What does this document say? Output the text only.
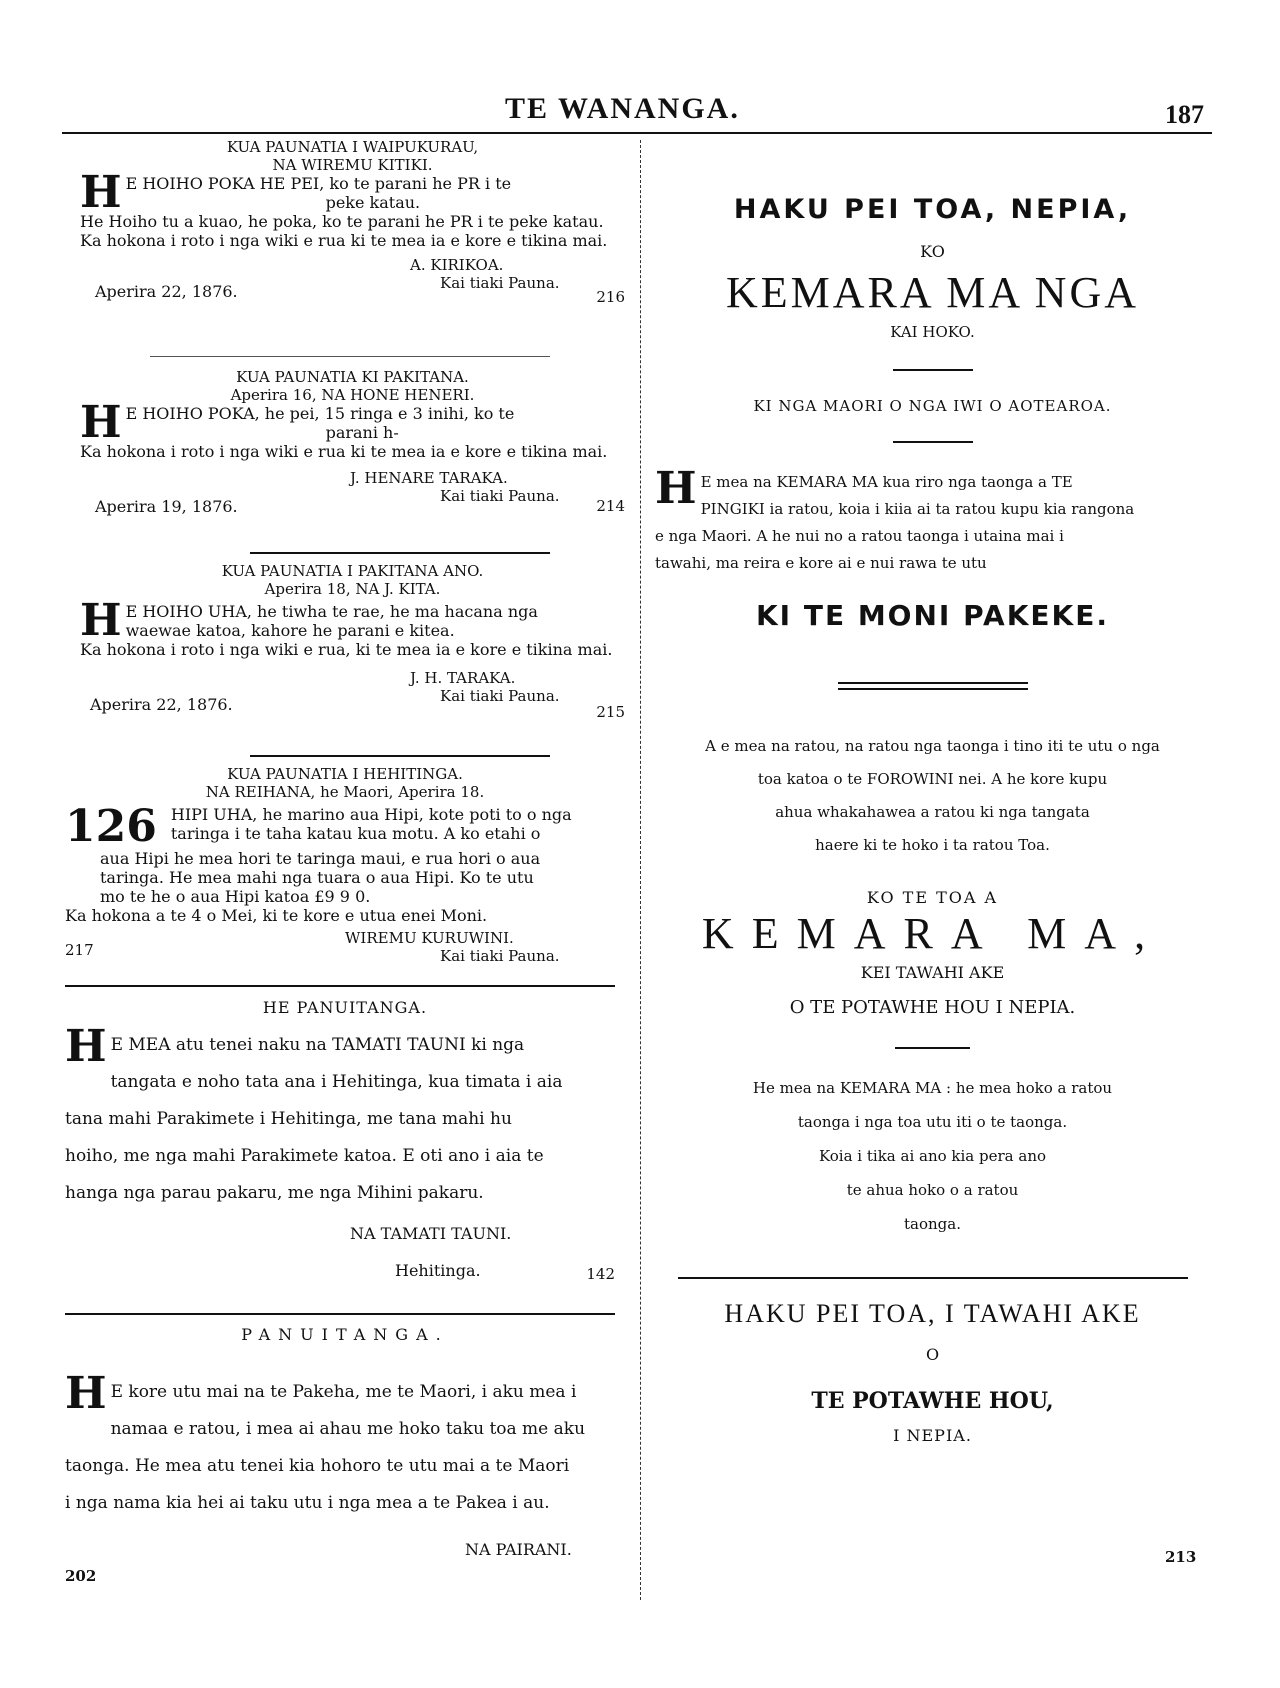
TE WANANGA.	187
KUA PAUNATIA I WAIPUKURAU,
NA WIREMU KITIKI.
H E HOIHO POKA HE PEI, ko te parani he PR i te
peke katau.
He Hoiho tu a kuao, he poka, ko te parani he PR i te peke katau.
Ka hokona i roto i nga wiki e rua ki te mea ia e kore e tikina mai.
A. KIRIKOA.
Kai tiaki Pauna.
Aperira 22, 1876.	216
KUA PAUNATIA KI PAKITANA.
Aperira 16, NA HONE HENERI.
H E HOIHO POKA, he pei, 15 ringa e 3 inihi, ko te
parani h-
Ka hokona i roto i nga wiki e rua ki te mea ia e kore e tikina mai.
J. HENARE TARAKA.
Kai tiaki Pauna.
Aperira 19, 1876.	214
KUA PAUNATIA I PAKITANA ANO.
Aperira 18, NA J. KITA.
H E HOIHO UHA, he tiwha te rae, he ma hacana nga
waewae katoa, kahore he parani e kitea.
Ka hokona i roto i nga wiki e rua, ki te mea ia e kore e tikina mai.
J. H. TARAKA.
Kai tiaki Pauna.
Aperira 22, 1876.	215
KUA PAUNATIA I HEHITINGA.
NA REIHANA, he Maori, Aperira 18.
126 HIPI UHA, he marino aua Hipi, kote poti to o nga
taringa i te taha katau kua motu. A ko etahi o
aua Hipi he mea hori te taringa maui, e rua hori o aua
taringa. He mea mahi nga tuara o aua Hipi. Ko te utu
mo te he o aua Hipi katoa £9 9 0.
Ka hokona a te 4 o Mei, ki te kore e utua enei Moni.
WIREMU KURUWINI.
217	Kai tiaki Pauna.
HE PANUITANGA.
H E MEA atu tenei naku na TAMATI TAUNI ki nga
tangata e noho tata ana i Hehitinga, kua timata i aia
tana mahi Parakimete i Hehitinga, me tana mahi hu
hoiho, me nga mahi Parakimete katoa. E oti ano i aia te
hanga nga parau pakaru, me nga Mihini pakaru.
NA TAMATI TAUNI.
Hehitinga.	142
PANUITANGA.
H E kore utu mai na te Pakeha, me te Maori, i aku mea i
namaa e ratou, i mea ai ahau me hoko taku toa me aku
taonga. He mea atu tenei kia hohoro te utu mai a te Maori
i nga nama kia hei ai taku utu i nga mea a te Pakea i au.
NA PAIRANI.
202
HAKU PEI TOA, NEPIA,
KO
KEMARA MA NGA
KAI HOKO.
KI NGA MAORI O NGA IWI O AOTEAROA.
H E mea na KEMARA MA kua riro nga taonga a TE
PINGIKI ia ratou, koia i kiia ai ta ratou kupu kia rangona
e nga Maori. A he nui no a ratou taonga i utaina mai i
tawahi, ma reira e kore ai e nui rawa te utu
KI TE MONI PAKEKE.
A e mea na ratou, na ratou nga taonga i tino iti te utu o nga
toa katoa o te FOROWINI nei. A he kore kupu
ahua whakahawea a ratou ki nga tangata
haere ki te hoko i ta ratou Toa.
KO TE TOA A
KEMARA MA,
KEI TAWAHI AKE
O TE POTAWHE HOU I NEPIA.
He mea na KEMARA MA : he mea hoko a ratou
taonga i nga toa utu iti o te taonga.
Koia i tika ai ano kia pera ano
te ahua hoko o a ratou
taonga.
HAKU PEI TOA, I TAWAHI AKE
O
TE POTAWHE HOU,
I NEPIA.
213
